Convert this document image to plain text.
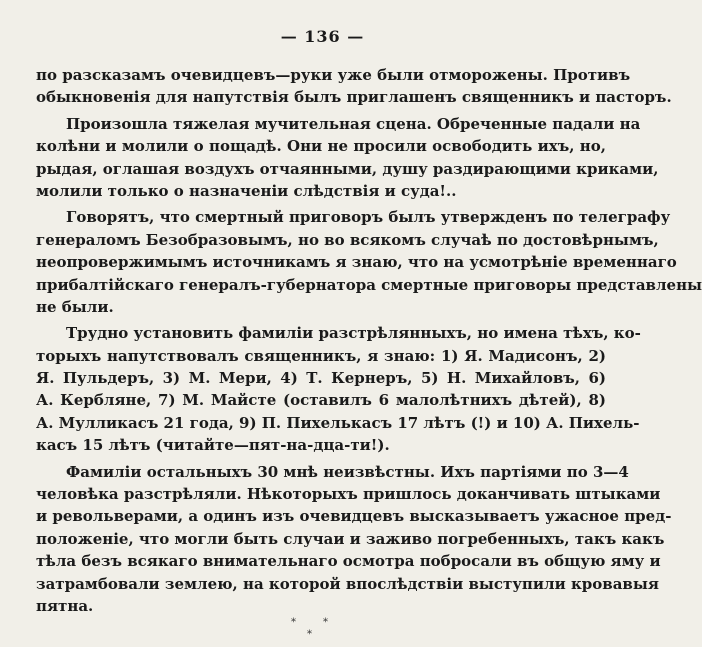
— 136 —
по разсказамъ очевидцевъ—руки уже были отморожены. Противъ
обыкновенія для напутствія былъ приглашенъ священникъ и пасторъ.
Произошла тяжелая мучительная сцена. Обреченные падали на
колѣни и молили о пощадѣ. Они не просили освободить ихъ, но,
рыдая, оглашая воздухъ отчаянными, душу раздирающими криками,
молили только о назначеніи слѣдствія и суда!..
Говорятъ, что смертный приговоръ былъ утвержденъ по телеграфу
генераломъ Безобразовымъ, но во всякомъ случаѣ по достовѣрнымъ,
неопровержимымъ источникамъ я знаю, что на усмотрѣніе временнаго
прибалтійскаго генералъ-губернатора смертные приговоры представлены
не были.
Трудно установить фамиліи разстрѣлянныхъ, но имена тѣхъ, ко-
торыхъ напутствовалъ священникъ, я знаю: 1) Я. Мадисонъ, 2)
Я. Пульдеръ, 3) М. Мери, 4) Т. Кернеръ, 5) Н. Михайловъ, 6)
А. Кербляне, 7) М. Майсте (оставилъ 6 малолѣтнихъ дѣтей), 8)
А. Мулликасъ 21 года, 9) П. Пихелькасъ 17 лѣтъ (!) и 10) А. Пихель-
касъ 15 лѣтъ (читайте—пят-на-дца-ти!).
Фамиліи остальныхъ 30 мнѣ неизвѣстны. Ихъ партіями по 3—4
человѣка разстрѣляли. Нѣкоторыхъ пришлось доканчивать штыками
и револьверами, а одинъ изъ очевидцевъ высказываетъ ужасное пред-
положеніе, что могли быть случаи и заживо погребенныхъ, такъ какъ
тѣла безъ всякаго внимательнаго осмотра побросали въ общую яму и
затрамбовали землею, на которой впослѣдствіи выступили кровавыя
пятна.
*	*
*
